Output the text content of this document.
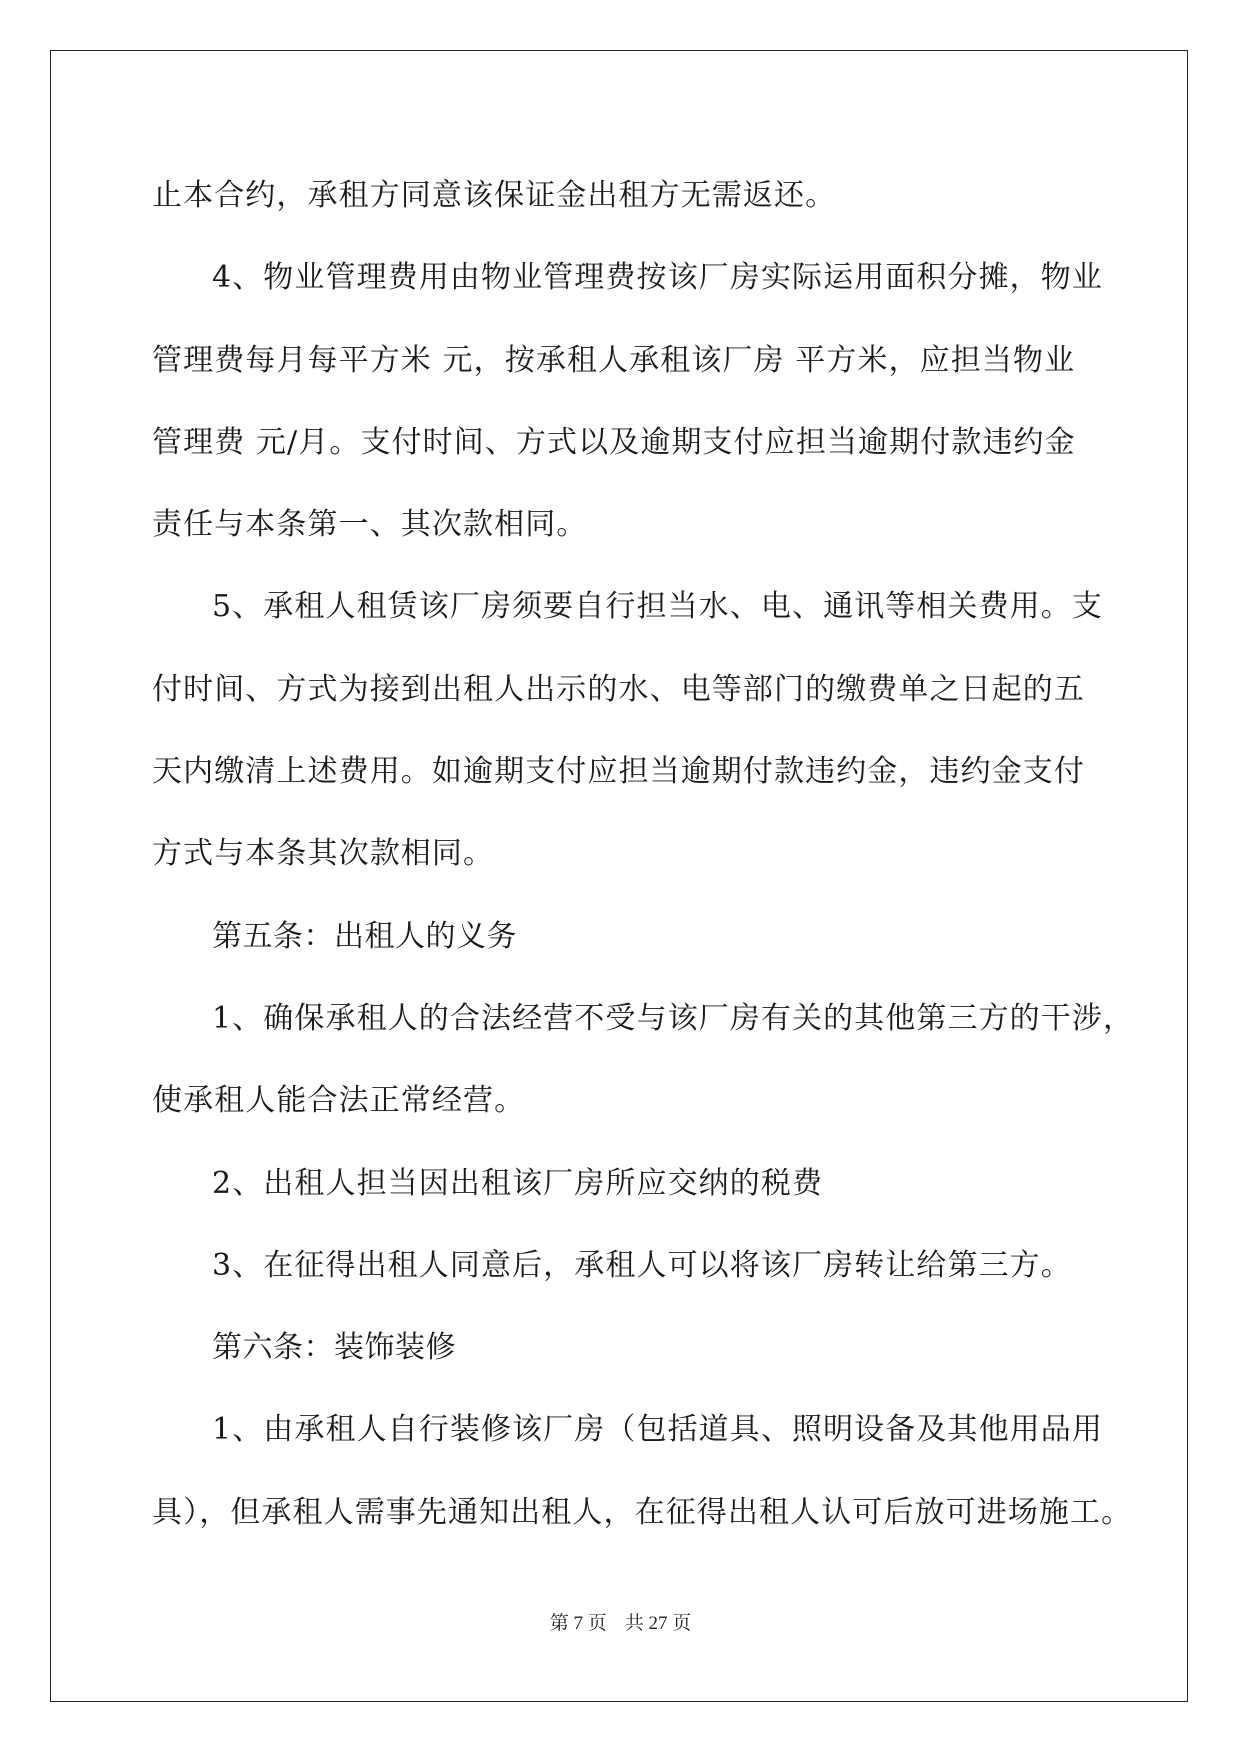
止本合约，承租方同意该保证金出租方无需返还。
4、物业管理费用由物业管理费按该厂房实际运用面积分摊，物业
管理费每月每平方米 元，按承租人承租该厂房 平方米，应担当物业
管理费 元/月。支付时间、方式以及逾期支付应担当逾期付款违约金
责任与本条第一、其次款相同。
5、承租人租赁该厂房须要自行担当水、电、通讯等相关费用。支
付时间、方式为接到出租人出示的水、电等部门的缴费单之日起的五
天内缴清上述费用。如逾期支付应担当逾期付款违约金，违约金支付
方式与本条其次款相同。
第五条：出租人的义务
1、确保承租人的合法经营不受与该厂房有关的其他第三方的干涉，
使承租人能合法正常经营。
2、出租人担当因出租该厂房所应交纳的税费
3、在征得出租人同意后，承租人可以将该厂房转让给第三方。
第六条：装饰装修
1、由承租人自行装修该厂房（包括道具、照明设备及其他用品用
具），但承租人需事先通知出租人，在征得出租人认可后放可进场施工。
第 7 页 共 27 页
